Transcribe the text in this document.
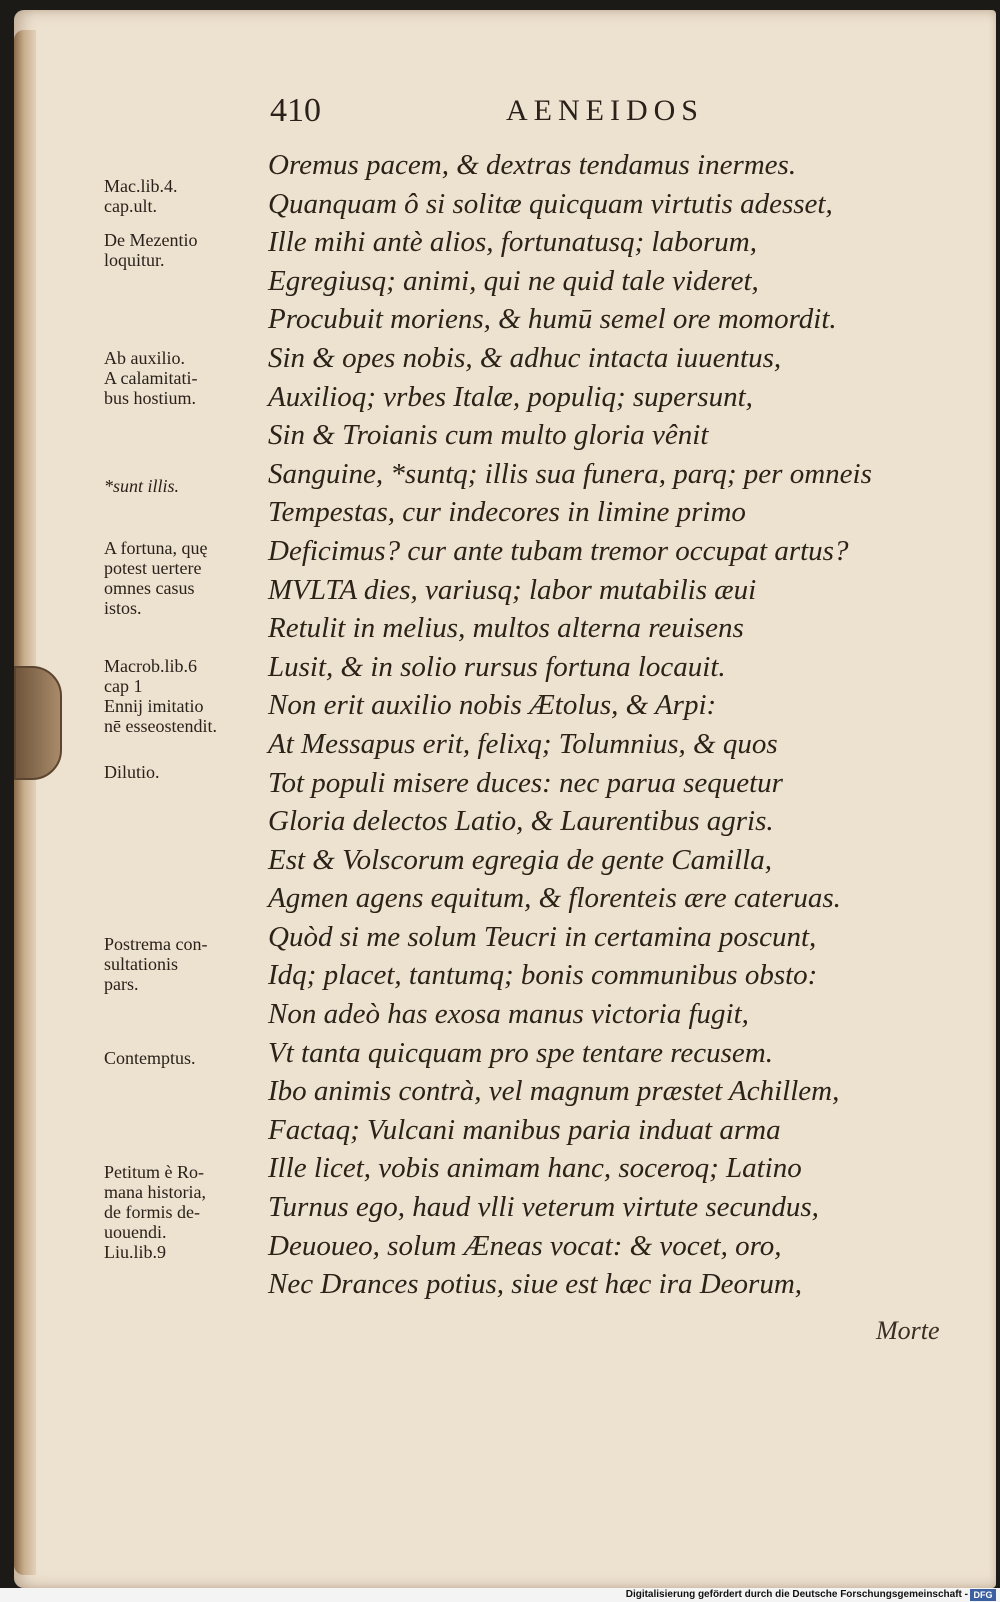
410	AENEIDOS
Oremus pacem, & dextras tendamus inermes.
Quanquam ô si solitæ quicquam virtutis adesset,
Ille mihi antè alios, fortunatusq; laborum,
Egregiusq; animi, qui ne quid tale videret,
Procubuit moriens, & humū semel ore momordit.
Sin & opes nobis, & adhuc intacta iuuentus,
Auxilioq; vrbes Italæ, populiq; supersunt,
Sin & Troianis cum multo gloria vênit
Sanguine, *suntq; illis sua funera, parq; per omneis
Tempestas, cur indecores in limine primo
Deficimus? cur ante tubam tremor occupat artus?
MVLTA dies, variusq; labor mutabilis æui
Retulit in melius, multos alterna reuisens
Lusit, & in solio rursus fortuna locauit.
Non erit auxilio nobis Ætolus, & Arpi:
At Messapus erit, felixq; Tolumnius, & quos
Tot populi misere duces: nec parua sequetur
Gloria delectos Latio, & Laurentibus agris.
Est & Volscorum egregia de gente Camilla,
Agmen agens equitum, & florenteis ære cateruas.
Quòd si me solum Teucri in certamina poscunt,
Idq; placet, tantumq; bonis communibus obsto:
Non adeò has exosa manus victoria fugit,
Vt tanta quicquam pro spe tentare recusem.
Ibo animis contrà, vel magnum præstet Achillem,
Factaq; Vulcani manibus paria induat arma
Ille licet, vobis animam hanc, soceroq; Latino
Turnus ego, haud vlli veterum virtute secundus,
Deuoueo, solum Æneas vocat: & vocet, oro,
Nec Drances potius, siue est hæc ira Deorum,
Morte
Mac.lib.4.
cap.ult.
De Mezentio
loquitur.
Ab auxilio.
A calamitati-
bus hostium.
*sunt illis.
A fortuna, quę
potest uertere
omnes casus
istos.
Macrob.lib.6
cap 1
Ennij imitatio
nē esseostendit.
Dilutio.
Postrema con-
sultationis
pars.
Contemptus.
Petitum è Ro-
mana historia,
de formis de-
uouendi.
Liu.lib.9
Digitalisierung gefördert durch die Deutsche Forschungsgemeinschaft - DFG
